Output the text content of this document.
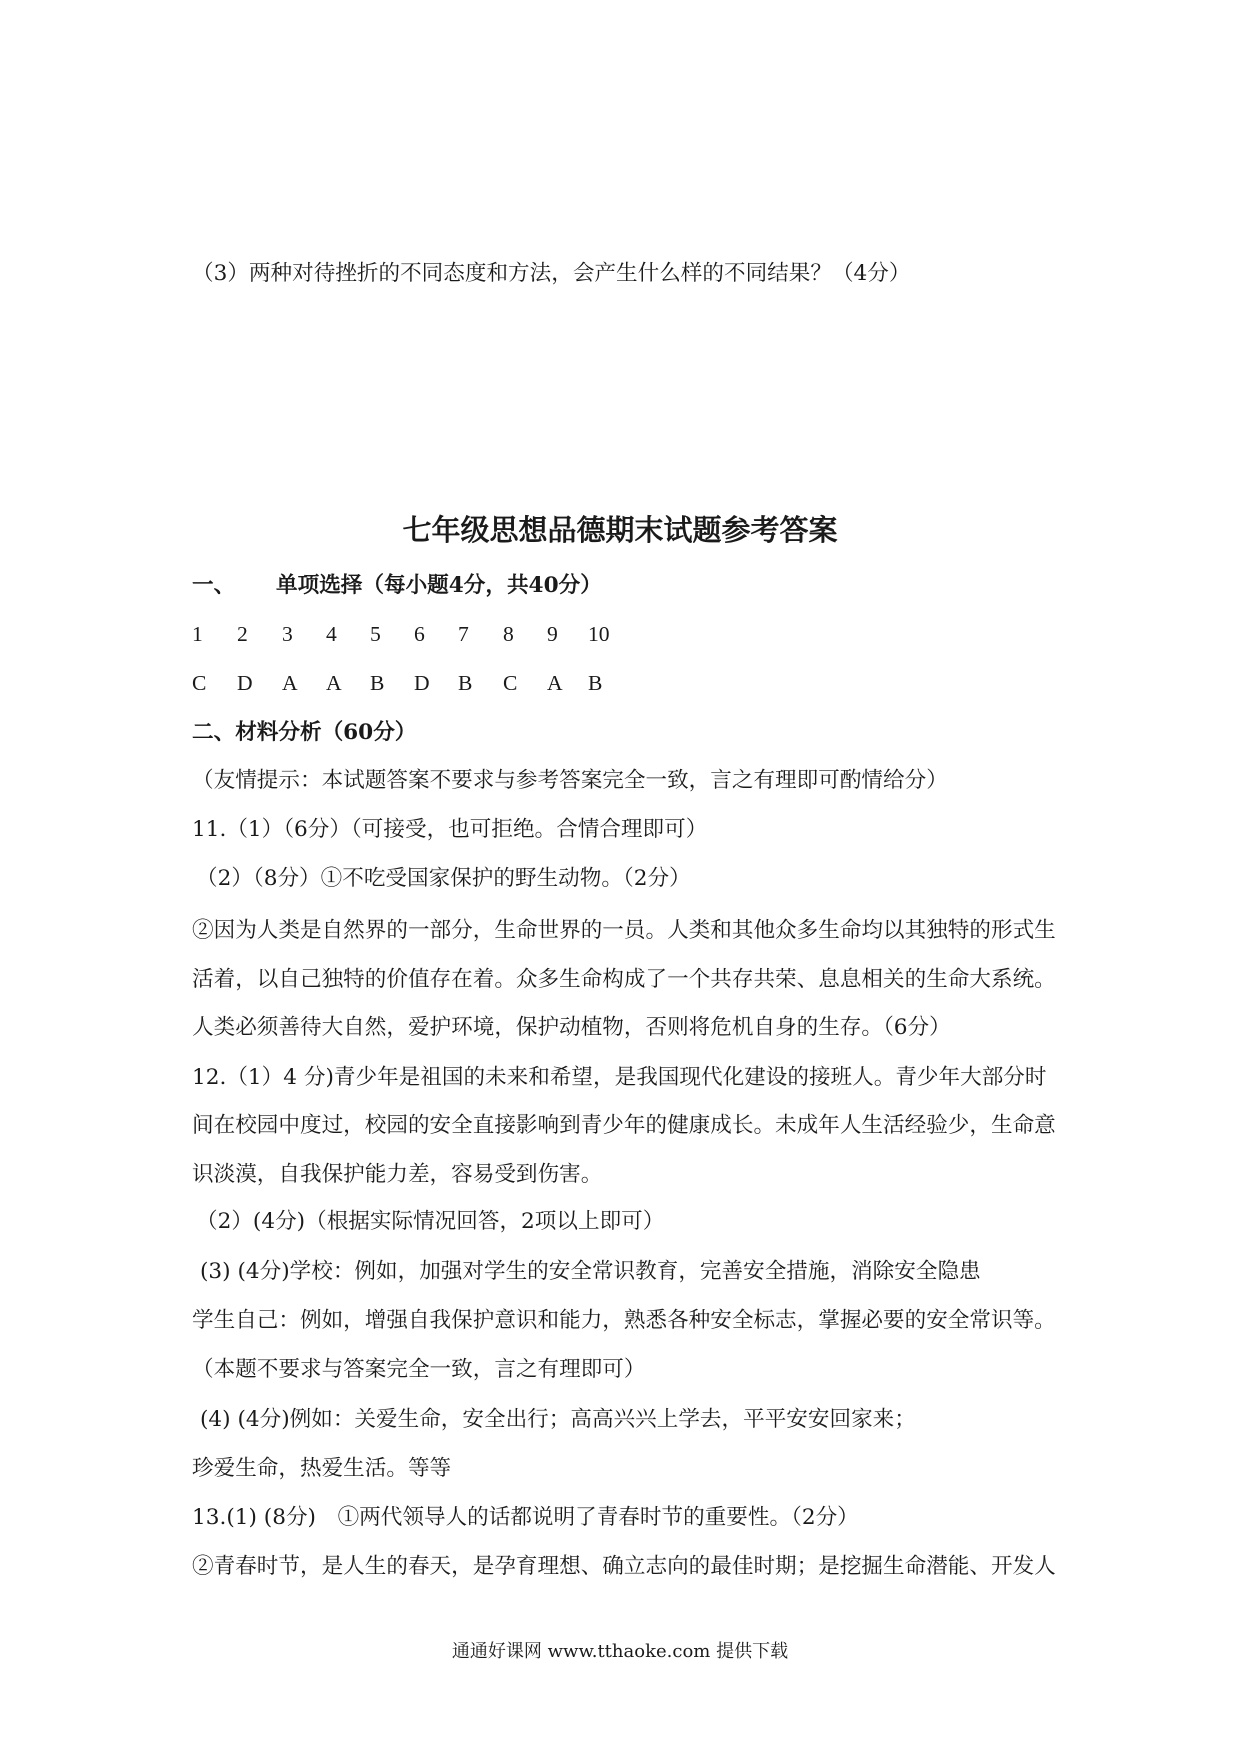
（3）两种对待挫折的不同态度和方法，会产生什么样的不同结果？（4分）
七年级思想品德期末试题参考答案
一、 单项选择（每小题4分，共40分）
1 2 3 4 5 6 7 8 9 10
C D A A B D B C A B
二、材料分析（60分）
（友情提示：本试题答案不要求与参考答案完全一致，言之有理即可酌情给分）
11.（1）（6分）（可接受，也可拒绝。合情合理即可）
（2）（8分）①不吃受国家保护的野生动物。（2分）
②因为人类是自然界的一部分，生命世界的一员。人类和其他众多生命均以其独特的形式生
活着，以自己独特的价值存在着。众多生命构成了一个共存共荣、息息相关的生命大系统。
人类必须善待大自然，爱护环境，保护动植物，否则将危机自身的生存。（6分）
12.（1）4 分)青少年是祖国的未来和希望，是我国现代化建设的接班人。青少年大部分时
间在校园中度过，校园的安全直接影响到青少年的健康成长。未成年人生活经验少，生命意
识淡漠，自我保护能力差，容易受到伤害。
（2）(4分)（根据实际情况回答，2项以上即可）
(3) (4分)学校：例如，加强对学生的安全常识教育，完善安全措施，消除安全隐患
学生自己：例如，增强自我保护意识和能力，熟悉各种安全标志，掌握必要的安全常识等。
（本题不要求与答案完全一致，言之有理即可）
(4) (4分)例如：关爱生命，安全出行；高高兴兴上学去，平平安安回家来；
珍爱生命，热爱生活。等等
13.(1) (8分)　①两代领导人的话都说明了青春时节的重要性。（2分）
②青春时节，是人生的春天，是孕育理想、确立志向的最佳时期；是挖掘生命潜能、开发人
通通好课网 www.tthaoke.com 提供下载
